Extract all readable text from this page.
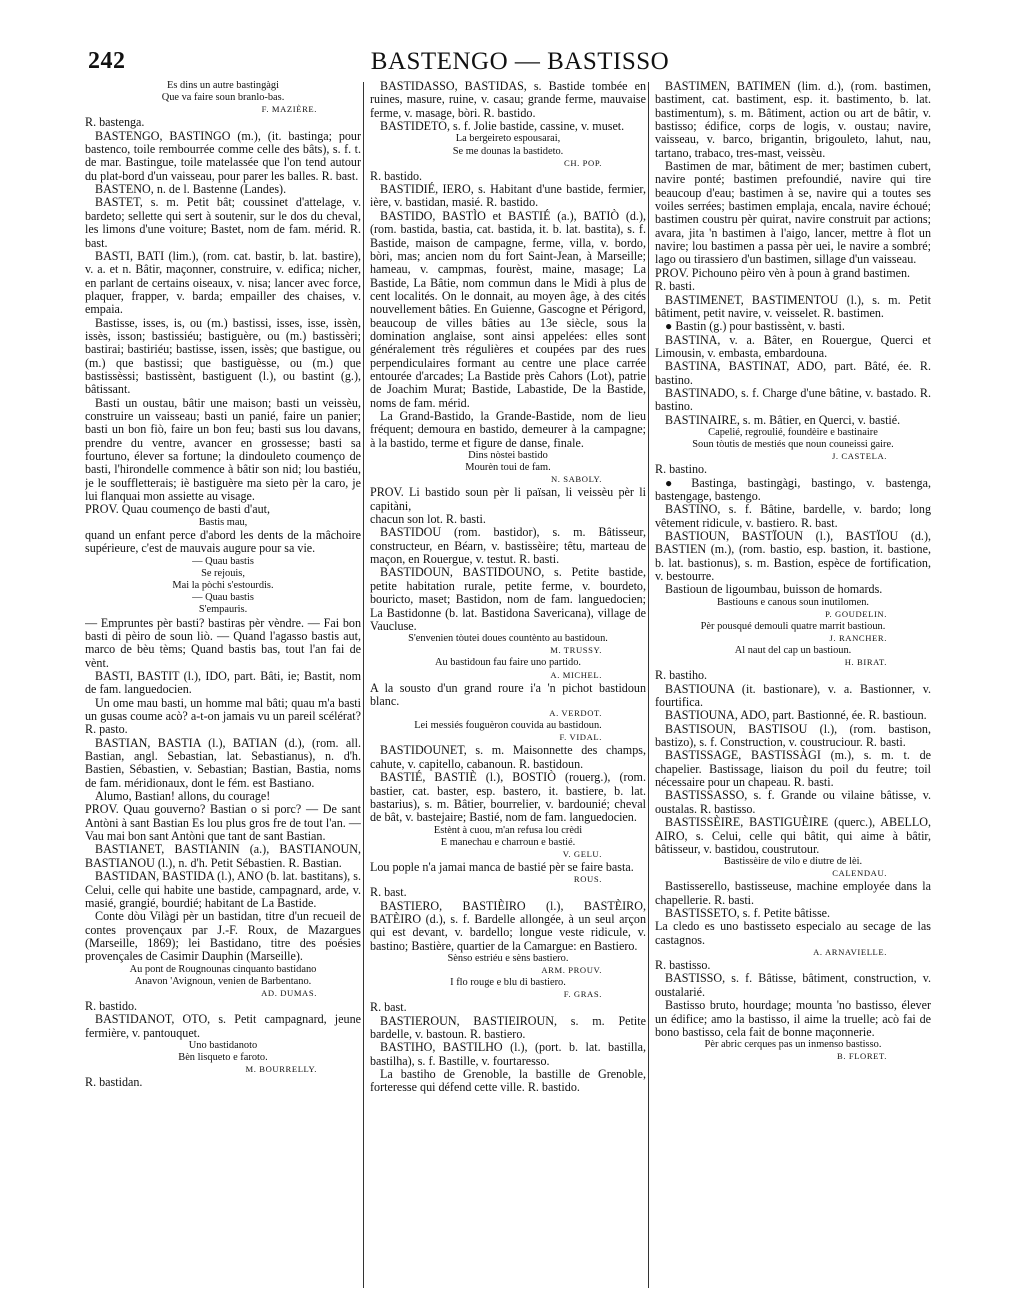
242	BASTENGO — BASTISSO

Es dins un autre bastingàgi
Que va faire soun branlo-bas.

F. MAZIÈRE.

R. bastenga.

BASTENGO, BASTINGO (m.), (it. bastinga; pour bastenco, toile rembourrée comme celle des bâts), s. f. t. de mar. Bastingue, toile matelassée que l'on tend autour du plat-bord d'un vaisseau, pour parer les balles. R. bast.

BASTENO, n. de l. Bastenne (Landes).

BASTET, s. m. Petit bât; coussinet d'attelage, v. bardeto; sellette qui sert à soutenir, sur le dos du cheval, les limons d'une voiture; Bastet, nom de fam. mérid. R. bast.

BASTI, BATI (lim.), (rom. cat. bastir, b. lat. bastire), v. a. et n. Bâtir, maçonner, construire, v. edifica; nicher, en parlant de certains oiseaux, v. nisa; lancer avec force, plaquer, frapper, v. barda; empailler des chaises, v. empaia.

Bastisse, isses, is, ou (m.) bastissi, isses, isse, issèn, issès, isson; bastissiéu; bastiguère, ou (m.) bastissèri; bastirai; bastiriéu; bastisse, issen, issès; que bastigue, ou (m.) que bastissi; que bastiguèsse, ou (m.) que bastissèssi; bastissènt, bastiguent (l.), ou bastint (g.), bâtissant.

Basti un oustau, bâtir une maison; basti un veissèu, construire un vaisseau; basti un panié, faire un panier; basti un bon fiò, faire un bon feu; basti sus lou davans, prendre du ventre, avancer en grossesse; basti sa fourtuno, élever sa fortune; la dindouleto coumenço de basti, l'hirondelle commence à bâtir son nid; lou bastiéu, je le souffletterais; iè bastiguère ma sieto pèr la caro, je lui flanquai mon assiette au visage.

PROV. Quau coumenço de basti d'aut,

Bastis mau,

quand un enfant perce d'abord les dents de la mâchoire supérieure, c'est de mauvais augure pour sa vie.

— Quau bastis
Se rejouis,
Mai la pòchi s'estourdis.
— Quau bastis
S'empauris.

— Empruntes pèr basti? bastiras pèr vèndre. — Fai bon basti di pèiro de soun liò. — Quand l'agasso bastis aut, marco de bèu tèms; Quand bastis bas, tout l'an fai de vènt.

BASTI, BASTIT (l.), IDO, part. Bâti, ie; Bastit, nom de fam. languedocien.

Un ome mau basti, un homme mal bâti; quau m'a basti un gusas coume acò? a-t-on jamais vu un pareil scélérat? R. pasto.

BASTIAN, BASTIA (l.), BATIAN (d.), (rom. all. Bastian, angl. Sebastian, lat. Sebastianus), n. d'h. Bastien, Sébastien, v. Sebastian; Bastian, Bastia, noms de fam. méridionaux, dont le fém. est Bastiano.

Alumo, Bastian! allons, du courage!

PROV. Quau gouverno? Bastian o si porc? — De sant Antòni à sant Bastian Es lou plus gros fre de tout l'an. — Vau mai bon sant Antòni que tant de sant Bastian.

BASTIANET, BASTIANIN (a.), BASTIANOUN, BASTIANOU (l.), n. d'h. Petit Sébastien. R. Bastian.

BASTIDAN, BASTIDA (l.), ANO (b. lat. bastitans), s. Celui, celle qui habite une bastide, campagnard, arde, v. masié, grangié, bourdié; habitant de La Bastide.

Conte dòu Vilàgi pèr un bastidan, titre d'un recueil de contes provençaux par J.-F. Roux, de Mazargues (Marseille, 1869); lei Bastidano, titre des poésies provençales de Casimir Dauphin (Marseille).

Au pont de Rougnounas cinquanto bastidano
Anavon 'Avignoun, venien de Barbentano.

AD. DUMAS.

R. bastido.

BASTIDANOT, OTO, s. Petit campagnard, jeune fermière, v. pantouquet.

Uno bastidanoto
Bèn lisqueto e faroto.

M. BOURRELLY.

R. bastidan.

BASTIDASSO, BASTIDAS, s. Bastide tombée en ruines, masure, ruine, v. casau; grande ferme, mauvaise ferme, v. masage, bòri. R. bastido.

BASTIDETO, s. f. Jolie bastide, cassine, v. muset.

La bergeireto espousarai,
Se me dounas la bastideto.

CH. POP.

R. bastido.

BASTIDIÉ, IERO, s. Habitant d'une bastide, fermier, ière, v. bastidan, masié. R. bastido.

BASTIDO, BASTÌO et BASTIÉ (a.), BATIÒ (d.), (rom. bastida, bastia, cat. bastida, it. b. lat. bastita), s. f. Bastide, maison de campagne, ferme, villa, v. bordo, bòri, mas; ancien nom du fort Saint-Jean, à Marseille; hameau, v. campmas, fourèst, maine, masage; La Bastide, La Bâtie, nom commun dans le Midi à plus de cent localités. On le donnait, au moyen âge, à des cités nouvellement bâties. En Guienne, Gascogne et Périgord, beaucoup de villes bâties au 13e siècle, sous la domination anglaise, sont ainsi appelées: elles sont généralement très régulières et coupées par des rues perpendiculaires formant au centre une place carrée entourée d'arcades; La Bastide près Cahors (Lot), patrie de Joachim Murat; Bastide, Labastide, De la Bastide, noms de fam. mérid.

La Grand-Bastido, la Grande-Bastide, nom de lieu fréquent; demoura en bastido, demeurer à la campagne; à la bastido, terme et figure de danse, finale.

Dins nòstei bastido
Mourèn toui de fam.

N. SABOLY.

PROV. Li bastido soun pèr li païsan, li veissèu pèr li capitàni,

chacun son lot. R. basti.

BASTIDOU (rom. bastidor), s. m. Bâtisseur, constructeur, en Béarn, v. bastissèire; têtu, marteau de maçon, en Rouergue, v. testut. R. basti.

BASTIDOUN, BASTIDOUNO, s. Petite bastide, petite habitation rurale, petite ferme, v. bourdeto, bouricto, maset; Bastidon, nom de fam. languedocien; La Bastidonne (b. lat. Bastidona Savericana), village de Vaucluse.

S'envenien tòutei doues countènto au bastidoun.

M. TRUSSY.

Au bastidoun fau faire uno partido.

A. MICHEL.

A la sousto d'un grand roure i'a 'n pichot bastidoun blanc.

A. VERDOT.

Lei messiés fouguèron couvida au bastidoun.

F. VIDAL.

BASTIDOUNET, s. m. Maisonnette des champs, cahute, v. capitello, cabanoun. R. bastidoun.

BASTIÉ, BASTIÈ (l.), BOSTIÒ (rouerg.), (rom. bastier, cat. baster, esp. bastero, it. bastiere, b. lat. bastarius), s. m. Bâtier, bourrelier, v. bardounié; cheval de bât, v. bastejaire; Bastié, nom de fam. languedocien.

Estènt à cuou, m'an refusa lou crèdi
E manechau e charroun e bastié.

V. GELU.

Lou pople n'a jamai manca de bastié pèr se faire basta.

ROUS.

R. bast.

BASTIERO, BASTIÈIRO (l.), BASTÈIRO, BATÈIRO (d.), s. f. Bardelle allongée, à un seul arçon qui est devant, v. bardello; longue veste ridicule, v. bastino; Bastière, quartier de la Camargue: en Bastiero.

Sènso estriéu e sèns bastiero.

ARM. PROUV.

I flo rouge e blu di bastiero.

F. GRAS.

R. bast.

BASTIEROUN, BASTIEIROUN, s. m. Petite bardelle, v. bastoun. R. bastiero.

BASTIHO, BASTILHO (l.), (port. b. lat. bastilla, bastilha), s. f. Bastille, v. fourtaresso.

La bastiho de Grenoble, la bastille de Grenoble, forteresse qui défend cette ville. R. bastido.

BASTIMEN, BATIMEN (lim. d.), (rom. bastimen, bastiment, cat. bastiment, esp. it. bastimento, b. lat. bastimentum), s. m. Bâtiment, action ou art de bâtir, v. bastisso; édifice, corps de logis, v. oustau; navire, vaisseau, v. barco, brigantin, brigouleto, lahut, nau, tartano, trabaco, tres-mast, veissèu.

Bastimen de mar, bâtiment de mer; bastimen cubert, navire ponté; bastimen prefoundié, navire qui tire beaucoup d'eau; bastimen à se, navire qui a toutes ses voiles serrées; bastimen emplaja, encala, navire échoué; bastimen coustru pèr quirat, navire construit par actions; avara, jita 'n bastimen à l'aigo, lancer, mettre à flot un navire; lou bastimen a passa pèr uei, le navire a sombré; lago ou tirassiero d'un bastimen, sillage d'un vaisseau.

PROV. Pichouno pèiro vèn à poun à grand bastimen.

R. basti.

BASTIMENET, BASTIMENTOU (l.), s. m. Petit bâtiment, petit navire, v. veisselet. R. bastimen.

● Bastin (g.) pour bastissènt, v. basti.

BASTINA, v. a. Bâter, en Rouergue, Querci et Limousin, v. embasta, embardouna.

BASTINA, BASTINAT, ADO, part. Bâté, ée. R. bastino.

BASTINADO, s. f. Charge d'une bâtine, v. bastado. R. bastino.

BASTINAIRE, s. m. Bâtier, en Querci, v. bastié.

Capelié, regroulié, foundèire e bastinaire
Soun tòutis de mestiés que noun couneissi gaire.

J. CASTELA.

R. bastino.

● Bastinga, bastingàgi, bastingo, v. bastenga, bastengage, bastengo.

BASTINO, s. f. Bâtine, bardelle, v. bardo; long vêtement ridicule, v. bastiero. R. bast.

BASTIOUN, BASTÏOUN (l.), BASTÏOU (d.), BASTIEN (m.), (rom. bastio, esp. bastion, it. bastione, b. lat. bastionus), s. m. Bastion, espèce de fortification, v. bestourre.

Bastioun de ligoumbau, buisson de homards.

Bastiouns e canous soun inutilomen.

P. GOUDELIN.

Pèr pousqué demouli quatre marrit bastioun.

J. RANCHER.

Al naut del cap un bastioun.

H. BIRAT.

R. bastiho.

BASTIOUNA (it. bastionare), v. a. Bastionner, v. fourtifica.

BASTIOUNA, ADO, part. Bastionné, ée. R. bastioun.

BASTISOUN, BASTISOU (l.), (rom. bastison, bastizo), s. f. Construction, v. coustruciour. R. basti.

BASTISSAGE, BASTISSÀGI (m.), s. m. t. de chapelier. Bastissage, liaison du poil du feutre; toil nécessaire pour un chapeau. R. basti.

BASTISSASSO, s. f. Grande ou vilaine bâtisse, v. oustalas. R. bastisso.

BASTISSÈIRE, BASTIGUÈIRE (querc.), ABELLO, AIRO, s. Celui, celle qui bâtit, qui aime à bâtir, bâtisseur, v. bastidou, coustrutour.

Bastissèire de vilo e diutre de lèi.

CALENDAU.

Bastisserello, bastisseuse, machine employée dans la chapellerie. R. basti.

BASTISSETO, s. f. Petite bâtisse.

La cledo es uno bastisseto especialo au secage de las castagnos.

A. ARNAVIELLE.

R. bastisso.

BASTISSO, s. f. Bâtisse, bâtiment, construction, v. oustalarié.

Bastisso bruto, hourdage; mounta 'no bastisso, élever un édifice; amo la bastisso, il aime la truelle; acò fai de bono bastisso, cela fait de bonne maçonnerie.

Pèr abric cerques pas un inmenso bastisso.

B. FLORET.
